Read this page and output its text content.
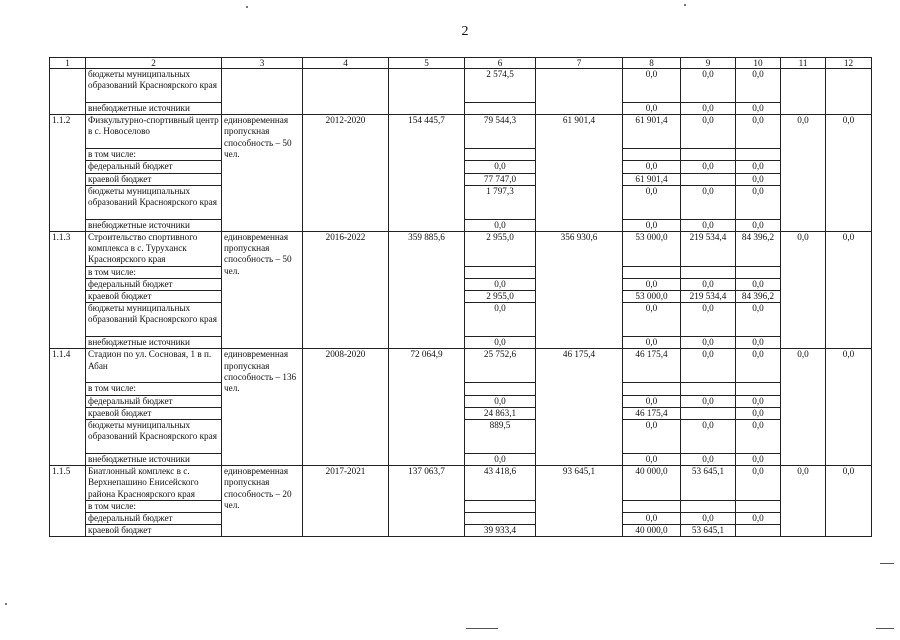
2
1	2	3	4	5	6	7	8	9	10	11	12
	бюджеты муниципальных образований Красноярского края				2 574,5		0,0	0,0	0,0		
	внебюджетные источники						0,0	0,0	0,0		
1.1.2	Физкультурно-спортивный центр в с. Новоселово	единовременная пропускная способность – 50 чел.	2012-2020	154 445,7	79 544,3	61 901,4	61 901,4	0,0	0,0	0,0	0,0
	в том числе:										
	федеральный бюджет				0,0		0,0	0,0	0,0		
	краевой бюджет				77 747,0		61 901,4		0,0		
	бюджеты муниципальных образований Красноярского края				1 797,3		0,0	0,0	0,0		
	внебюджетные источники				0,0		0,0	0,0	0,0		
1.1.3	Строительство спортивного комплекса в с. Туруханск Красноярского края	единовременная пропускная способность – 50 чел.	2016-2022	359 885,6	2 955,0	356 930,6	53 000,0	219 534,4	84 396,2	0,0	0,0
	в том числе:										
	федеральный бюджет				0,0		0,0	0,0	0,0		
	краевой бюджет				2 955,0		53 000,0	219 534,4	84 396,2		
	бюджеты муниципальных образований Красноярского края				0,0		0,0	0,0	0,0		
	внебюджетные источники				0,0		0,0	0,0	0,0		
1.1.4	Стадион по ул. Сосновая, 1 в п. Абан	единовременная пропускная способность – 136 чел.	2008-2020	72 064,9	25 752,6	46 175,4	46 175,4	0,0	0,0	0,0	0,0
	в том числе:										
	федеральный бюджет				0,0		0,0	0,0	0,0		
	краевой бюджет				24 863,1		46 175,4		0,0		
	бюджеты муниципальных образований Красноярского края				889,5		0,0	0,0	0,0		
	внебюджетные источники				0,0		0,0	0,0	0,0		
1.1.5	Биатлонный комплекс в с. Верхнепашино Енисейского района Красноярского края	единовременная пропускная способность – 20 чел.	2017-2021	137 063,7	43 418,6	93 645,1	40 000,0	53 645,1	0,0	0,0	0,0
	в том числе:										
	федеральный бюджет						0,0	0,0	0,0		
	краевой бюджет				39 933,4		40 000,0	53 645,1			
